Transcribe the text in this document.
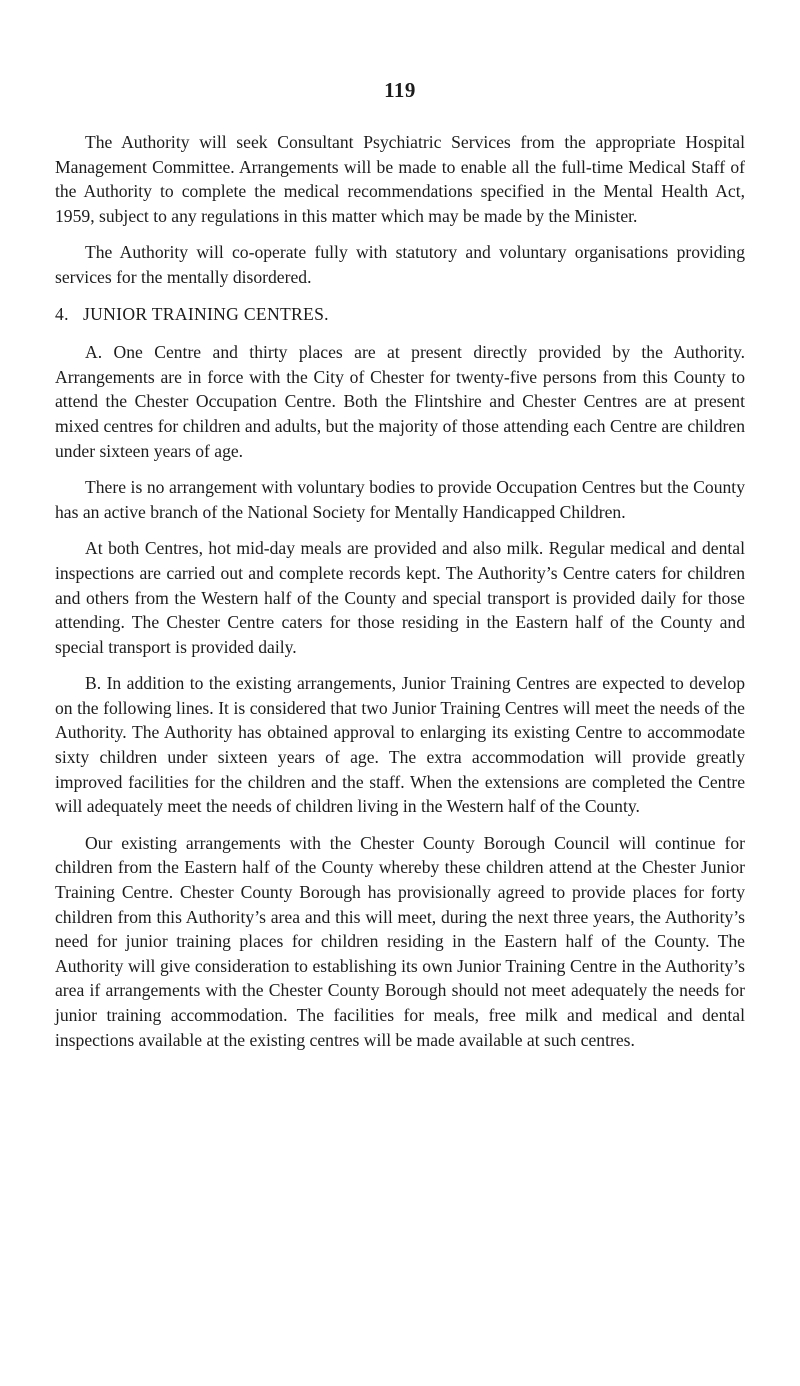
119

The Authority will seek Consultant Psychiatric Services from the appropriate Hospital Management Committee. Arrangements will be made to enable all the full-time Medical Staff of the Authority to complete the medical recommendations specified in the Mental Health Act, 1959, subject to any regulations in this matter which may be made by the Minister.

The Authority will co-operate fully with statutory and voluntary organisations providing services for the mentally disordered.

4. JUNIOR TRAINING CENTRES.

A. One Centre and thirty places are at present directly provided by the Authority. Arrangements are in force with the City of Chester for twenty-five persons from this County to attend the Chester Occupation Centre. Both the Flintshire and Chester Centres are at present mixed centres for children and adults, but the majority of those attending each Centre are children under sixteen years of age.

There is no arrangement with voluntary bodies to provide Occupation Centres but the County has an active branch of the National Society for Mentally Handicapped Children.

At both Centres, hot mid-day meals are provided and also milk. Regular medical and dental inspections are carried out and complete records kept. The Authority’s Centre caters for children and others from the Western half of the County and special transport is provided daily for those attending. The Chester Centre caters for those residing in the Eastern half of the County and special transport is provided daily.

B. In addition to the existing arrangements, Junior Training Centres are expected to develop on the following lines. It is considered that two Junior Training Centres will meet the needs of the Authority. The Authority has obtained approval to enlarging its existing Centre to accommodate sixty children under sixteen years of age. The extra accommodation will provide greatly improved facilities for the children and the staff. When the extensions are completed the Centre will adequately meet the needs of children living in the Western half of the County.

Our existing arrangements with the Chester County Borough Council will continue for children from the Eastern half of the County whereby these children attend at the Chester Junior Training Centre. Chester County Borough has provisionally agreed to provide places for forty children from this Authority’s area and this will meet, during the next three years, the Authority’s need for junior training places for children residing in the Eastern half of the County. The Authority will give consideration to establishing its own Junior Training Centre in the Authority’s area if arrangements with the Chester County Borough should not meet adequately the needs for junior training accommodation. The facilities for meals, free milk and medical and dental inspections available at the existing centres will be made available at such centres.
